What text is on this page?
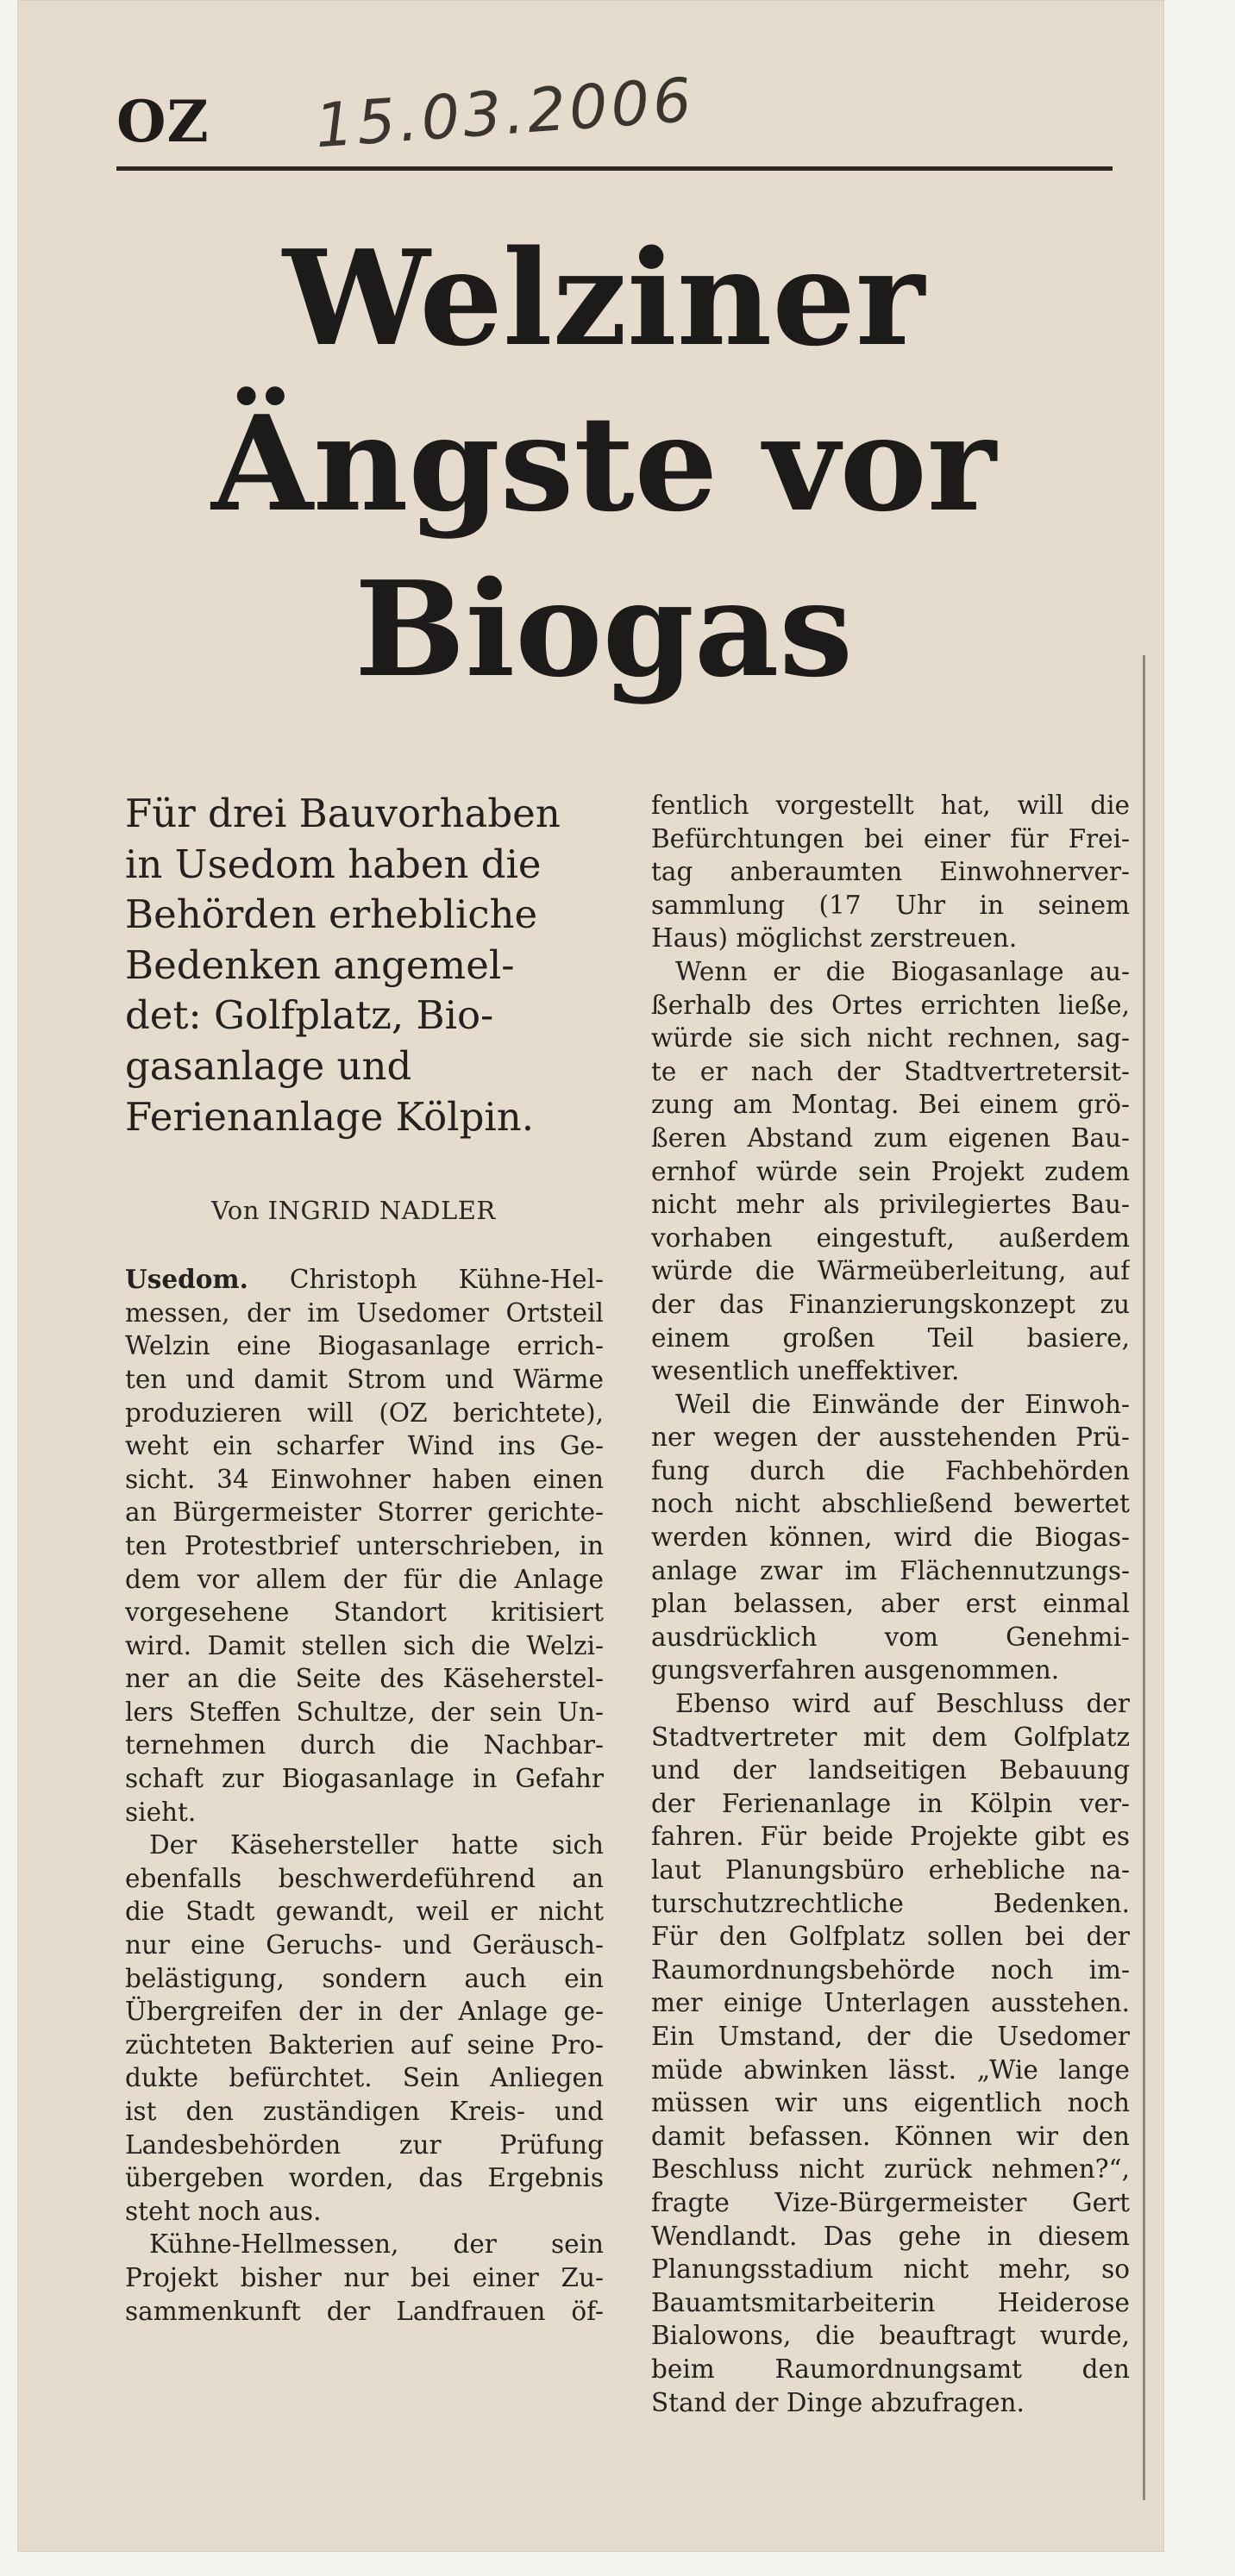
OZ 15.03.2006
Welziner
Ängste vor
Biogas
Für drei Bauvorhaben
in Usedom haben die
Behörden erhebliche
Bedenken angemel-
det: Golfplatz, Bio-
gasanlage und
Ferienanlage Kölpin.
Von INGRID NADLER
Usedom. Christoph Kühne-Hel-
messen, der im Usedomer Ortsteil
Welzin eine Biogasanlage errich-
ten und damit Strom und Wärme
produzieren will (OZ berichtete),
weht ein scharfer Wind ins Ge-
sicht. 34 Einwohner haben einen
an Bürgermeister Storrer gerichte-
ten Protestbrief unterschrieben, in
dem vor allem der für die Anlage
vorgesehene Standort kritisiert
wird. Damit stellen sich die Welzi-
ner an die Seite des Käseherstel-
lers Steffen Schultze, der sein Un-
ternehmen durch die Nachbar-
schaft zur Biogasanlage in Gefahr
sieht.
Der Käsehersteller hatte sich
ebenfalls beschwerdeführend an
die Stadt gewandt, weil er nicht
nur eine Geruchs- und Geräusch-
belästigung, sondern auch ein
Übergreifen der in der Anlage ge-
züchteten Bakterien auf seine Pro-
dukte befürchtet. Sein Anliegen
ist den zuständigen Kreis- und
Landesbehörden zur Prüfung
übergeben worden, das Ergebnis
steht noch aus.
Kühne-Hellmessen, der sein
Projekt bisher nur bei einer Zu-
sammenkunft der Landfrauen öf-
fentlich vorgestellt hat, will die
Befürchtungen bei einer für Frei-
tag anberaumten Einwohnerver-
sammlung (17 Uhr in seinem
Haus) möglichst zerstreuen.
Wenn er die Biogasanlage au-
ßerhalb des Ortes errichten ließe,
würde sie sich nicht rechnen, sag-
te er nach der Stadtvertretersit-
zung am Montag. Bei einem grö-
ßeren Abstand zum eigenen Bau-
ernhof würde sein Projekt zudem
nicht mehr als privilegiertes Bau-
vorhaben eingestuft, außerdem
würde die Wärmeüberleitung, auf
der das Finanzierungskonzept zu
einem großen Teil basiere,
wesentlich uneffektiver.
Weil die Einwände der Einwoh-
ner wegen der ausstehenden Prü-
fung durch die Fachbehörden
noch nicht abschließend bewertet
werden können, wird die Biogas-
anlage zwar im Flächennutzungs-
plan belassen, aber erst einmal
ausdrücklich vom Genehmi-
gungsverfahren ausgenommen.
Ebenso wird auf Beschluss der
Stadtvertreter mit dem Golfplatz
und der landseitigen Bebauung
der Ferienanlage in Kölpin ver-
fahren. Für beide Projekte gibt es
laut Planungsbüro erhebliche na-
turschutzrechtliche Bedenken.
Für den Golfplatz sollen bei der
Raumordnungsbehörde noch im-
mer einige Unterlagen ausstehen.
Ein Umstand, der die Usedomer
müde abwinken lässt. „Wie lange
müssen wir uns eigentlich noch
damit befassen. Können wir den
Beschluss nicht zurück nehmen?“,
fragte Vize-Bürgermeister Gert
Wendlandt. Das gehe in diesem
Planungsstadium nicht mehr, so
Bauamtsmitarbeiterin Heiderose
Bialowons, die beauftragt wurde,
beim Raumordnungsamt den
Stand der Dinge abzufragen.
